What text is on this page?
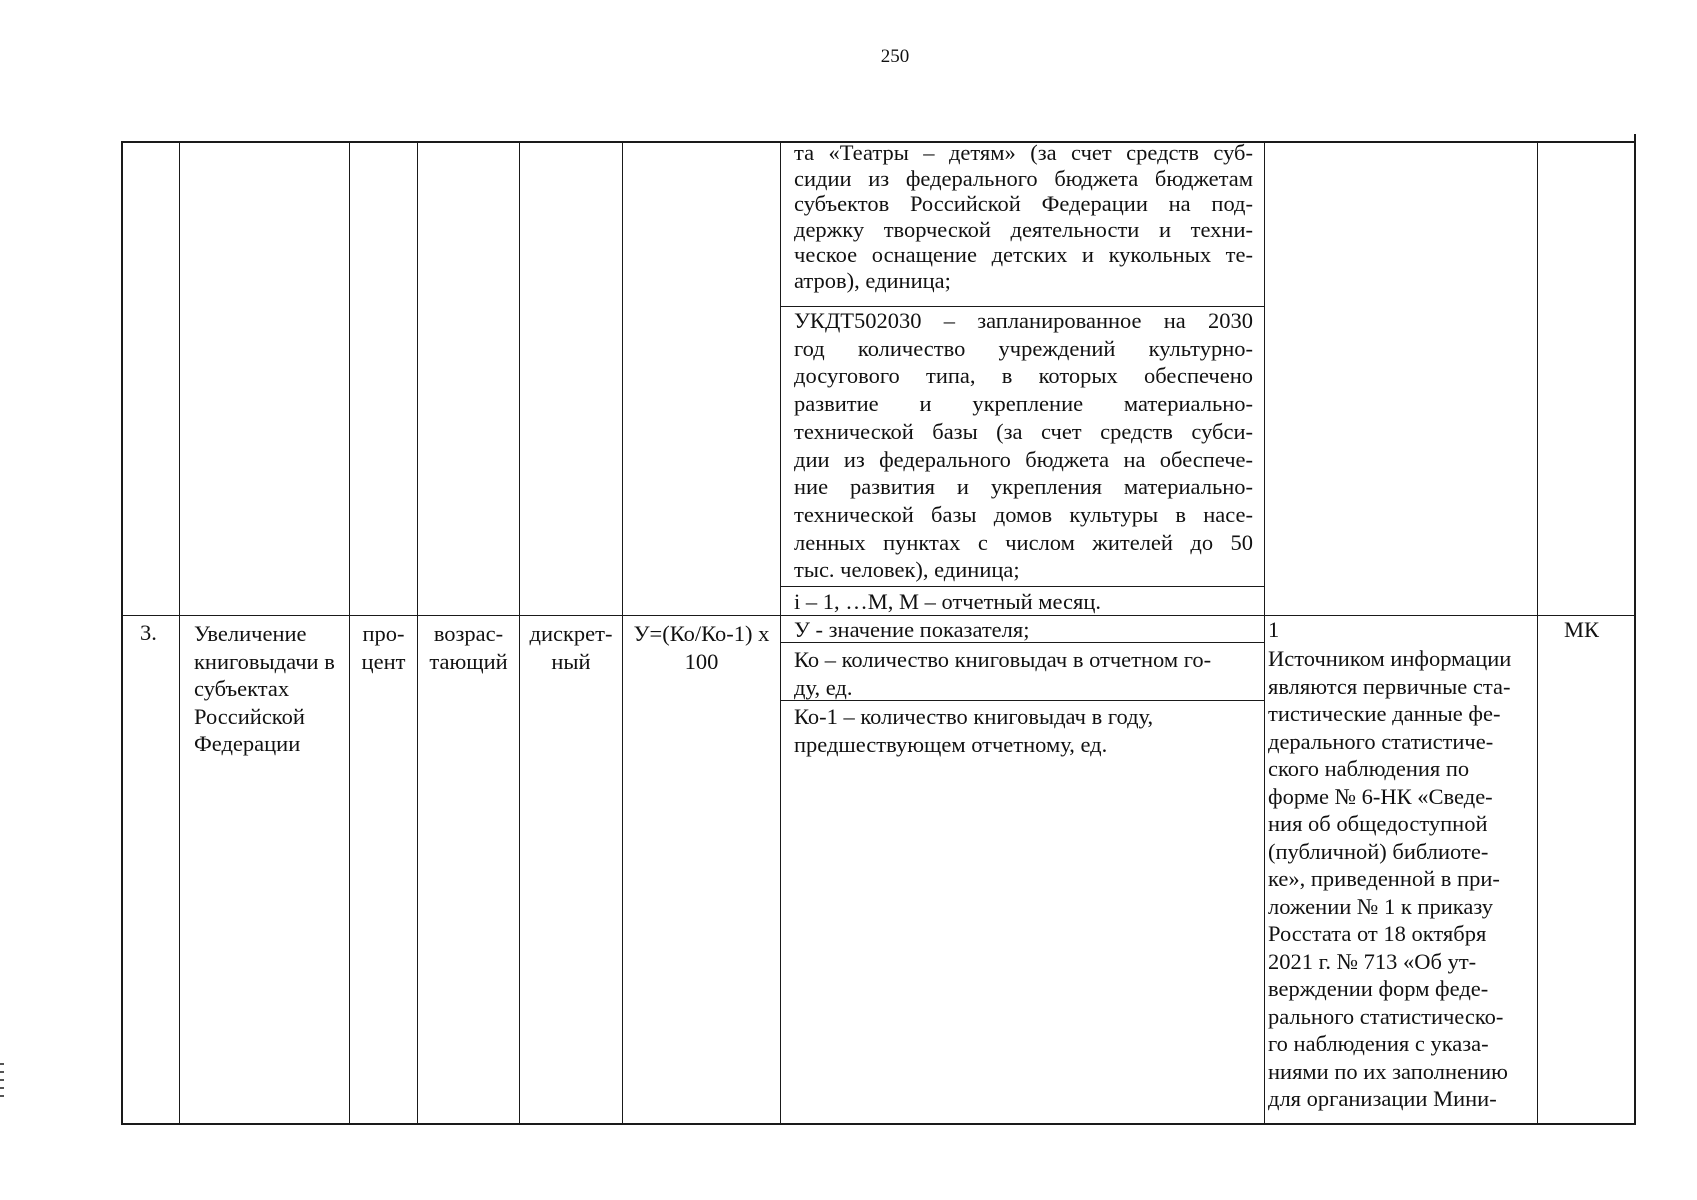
250
та «Театры – детям» (за счет средств суб-
сидии из федерального бюджета бюджетам
субъектов Российской Федерации на под-
держку творческой деятельности и техни-
ческое оснащение детских и кукольных те-
атров), единица;
УКДТ502030 – запланированное на 2030
год количество учреждений культурно-
досугового типа, в которых обеспечено
развитие и укрепление материально-
технической базы (за счет средств субси-
дии из федерального бюджета на обеспече-
ние развития и укрепления материально-
технической базы домов культуры в насе-
ленных пунктах с числом жителей до 50
тыс. человек), единица;
i – 1, …M, M – отчетный месяц.
3. Увеличение
книговыдачи в
субъектах
Российской
Федерации
про-
цент
возрас-
тающий
дискрет-
ный
У=(Ко/Ко-1) х
100
У - значение показателя;
Ко – количество книговыдач в отчетном го-
ду, ед.
Ко-1 – количество книговыдач в году,
предшествующем отчетному, ед.
1
Источником информации
являются первичные ста-
тистические данные фе-
дерального статистиче-
ского наблюдения по
форме № 6-НК «Сведе-
ния об общедоступной
(публичной) библиоте-
ке», приведенной в при-
ложении № 1 к приказу
Росстата от 18 октября
2021 г. № 713 «Об ут-
верждении форм феде-
рального статистическо-
го наблюдения с указа-
ниями по их заполнению
для организации Мини-
МК
